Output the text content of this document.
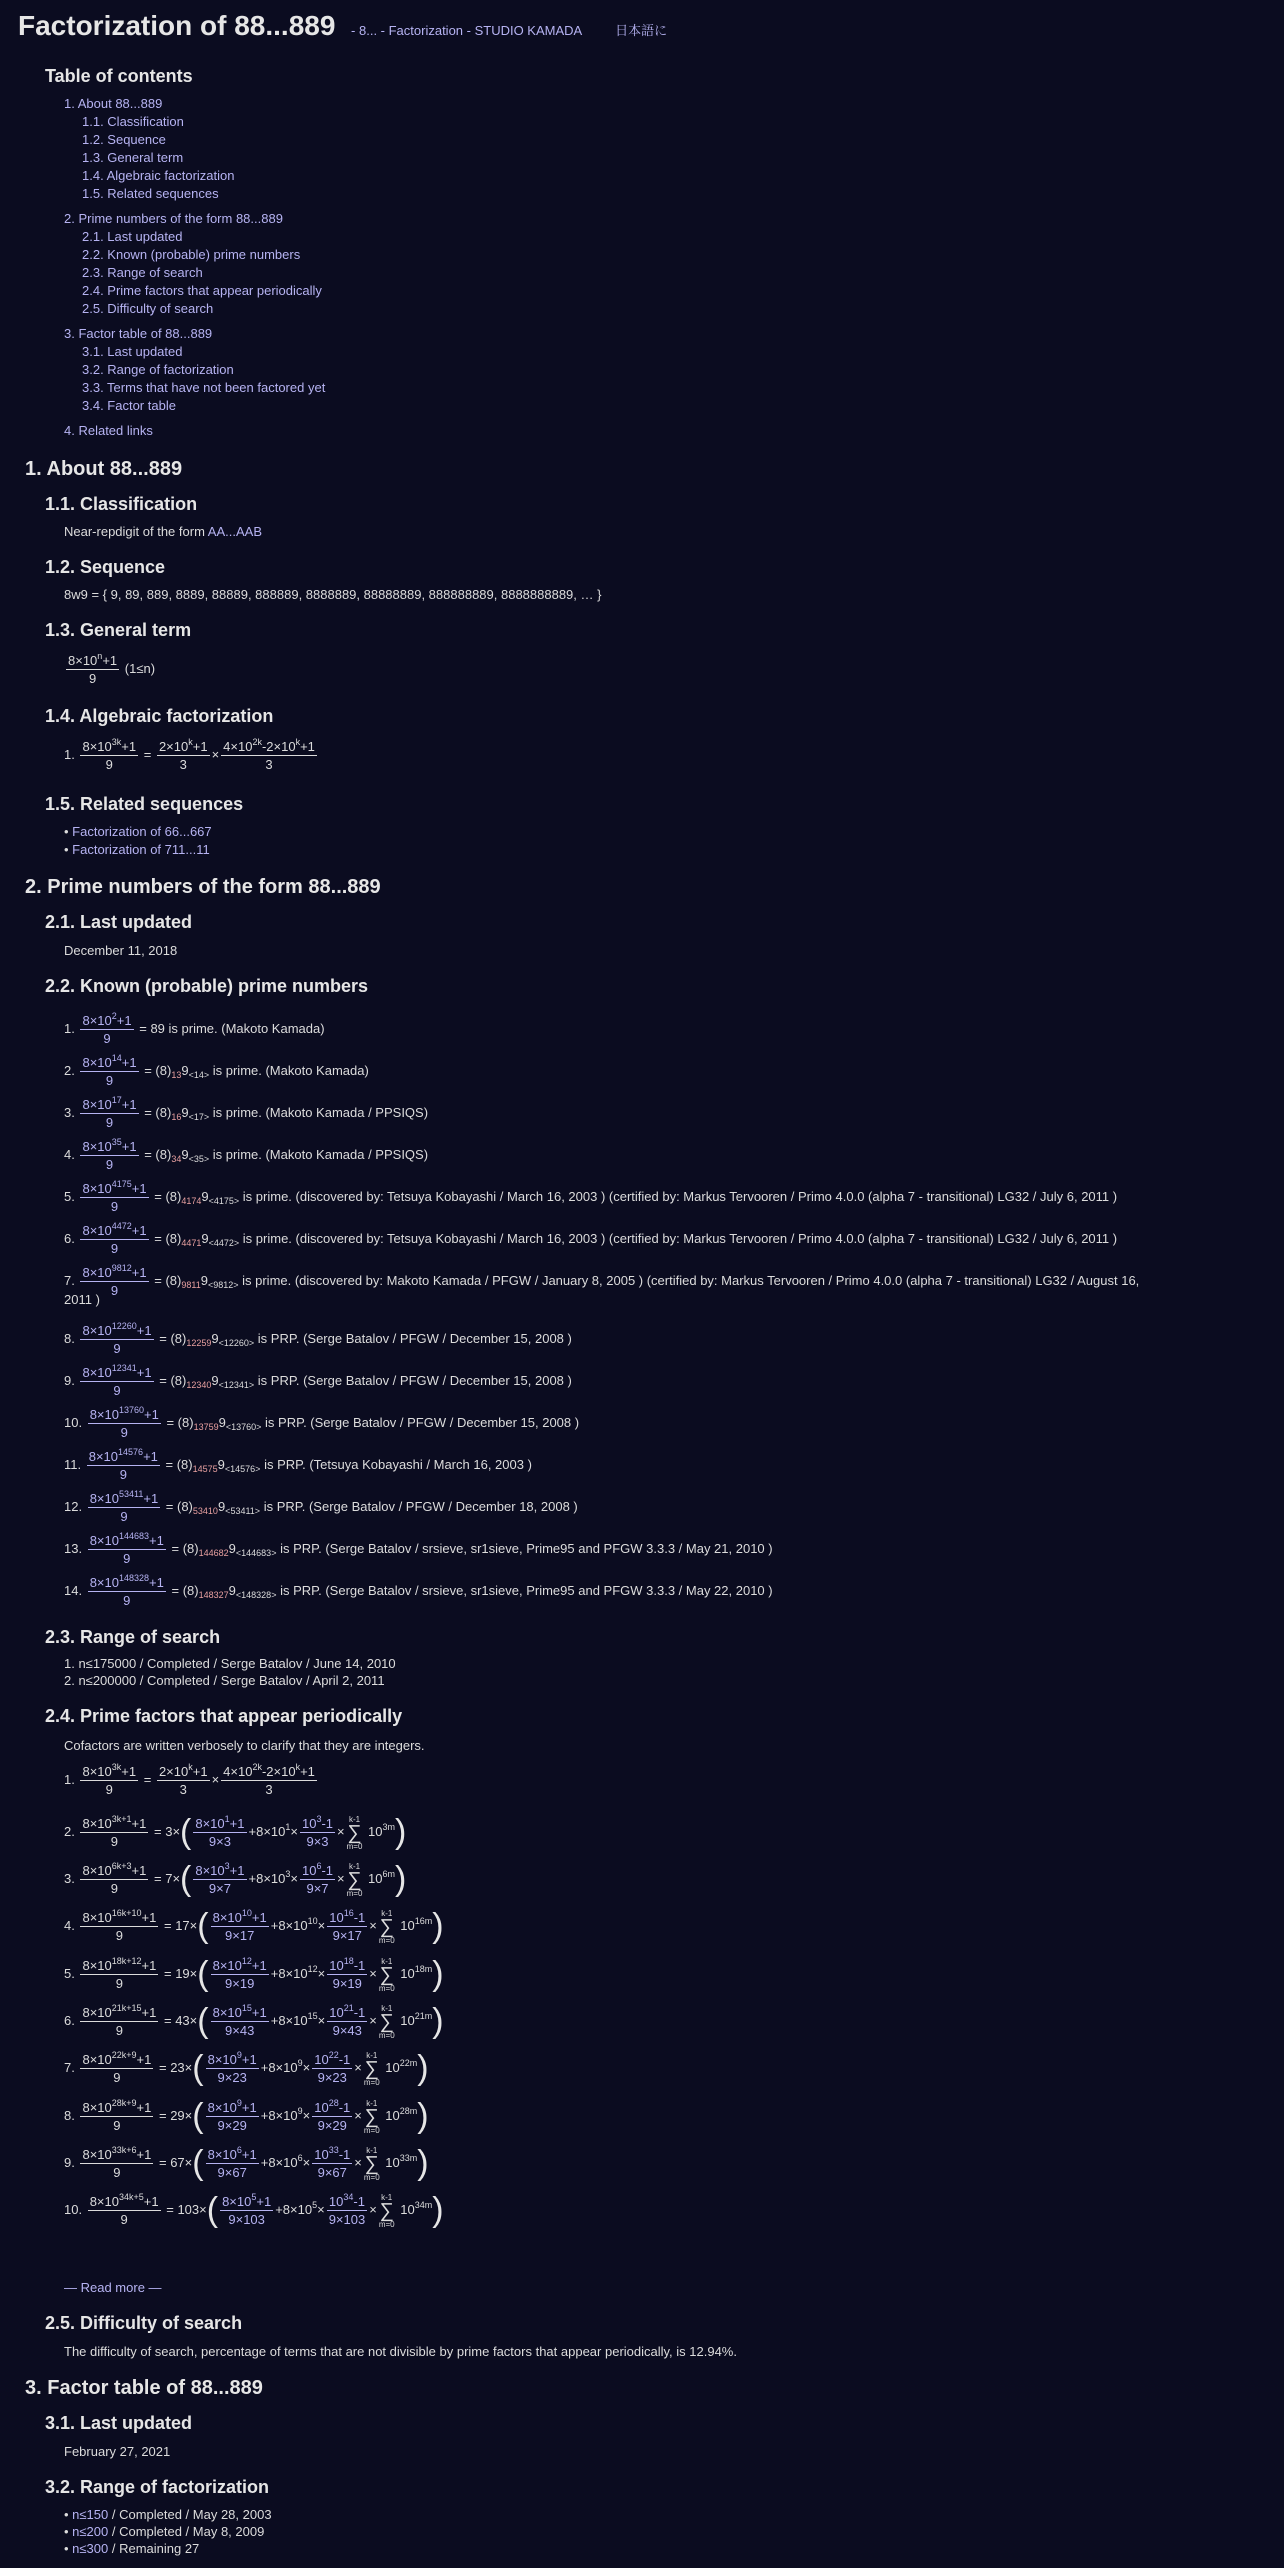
Factorization of 88...889 - 8... - Factorization - STUDIO KAMADA	日本語に
Table of contents
1. About 88...889
1.1. Classification
1.2. Sequence
1.3. General term
1.4. Algebraic factorization
1.5. Related sequences
2. Prime numbers of the form 88...889
2.1. Last updated
2.2. Known (probable) prime numbers
2.3. Range of search
2.4. Prime factors that appear periodically
2.5. Difficulty of search
3. Factor table of 88...889
3.1. Last updated
3.2. Range of factorization
3.3. Terms that have not been factored yet
3.4. Factor table
4. Related links
1. About 88...889
1.1. Classification
Near-repdigit of the form AA...AAB
1.2. Sequence
8w9 = { 9, 89, 889, 8889, 88889, 888889, 8888889, 88888889, 888888889, 8888888889, … }
1.3. General term
$\frac{8\times 10^n+1}{9} (1\le n)$
1.4. Algebraic factorization
1. $\frac{8\times 10^{3k}+1}{9} = \frac{2\times 10^k+1}{3} \times \frac{4\times 10^{2k}-2\times 10^k+1}{3}$
1.5. Related sequences
• Factorization of 66...667
• Factorization of 711...11
2. Prime numbers of the form 88...889
2.1. Last updated
December 11, 2018
2.2. Known (probable) prime numbers
1. $\frac{8\times 10^2+1}{9} = 89$ is prime. (Makoto Kamada)
2. $\frac{8\times 10^{14}+1}{9} = (8)_{13}9_{<14>}$ is prime. (Makoto Kamada)
3. $\frac{8\times 10^{17}+1}{9} = (8)_{16}9_{<17>}$ is prime. (Makoto Kamada / PPSIQS)
4. $\frac{8\times 10^{35}+1}{9} = (8)_{34}9_{<35>}$ is prime. (Makoto Kamada / PPSIQS)
5. $\frac{8\times 10^{4175}+1}{9} = (8)_{4174}9_{<4175>}$ is prime. (discovered by: Tetsuya Kobayashi / March 16, 2003 ) (certified by: Markus Tervooren / Primo 4.0.0 (alpha 7 - transitional) LG32 / July 6, 2011 )
6. $\frac{8\times 10^{4472}+1}{9} = (8)_{4471}9_{<4472>}$ is prime. (discovered by: Tetsuya Kobayashi / March 16, 2003 ) (certified by: Markus Tervooren / Primo 4.0.0 (alpha 7 - transitional) LG32 / July 6, 2011 )
7. $\frac{8\times 10^{9812}+1}{9} = (8)_{9811}9_{<9812>}$ is prime. (discovered by: Makoto Kamada / PFGW / January 8, 2005 ) (certified by: Markus Tervooren / Primo 4.0.0 (alpha 7 - transitional) LG32 / August 16,
2011 )
8. $\frac{8\times 10^{12260}+1}{9} = (8)_{12259}9_{<12260>}$ is PRP. (Serge Batalov / PFGW / December 15, 2008 )
9. $\frac{8\times 10^{12341}+1}{9} = (8)_{12340}9_{<12341>}$ is PRP. (Serge Batalov / PFGW / December 15, 2008 )
10. $\frac{8\times 10^{13760}+1}{9} = (8)_{13759}9_{<13760>}$ is PRP. (Serge Batalov / PFGW / December 15, 2008 )
11. $\frac{8\times 10^{14576}+1}{9} = (8)_{14575}9_{<14576>}$ is PRP. (Tetsuya Kobayashi / March 16, 2003 )
12. $\frac{8\times 10^{53411}+1}{9} = (8)_{53410}9_{<53411>}$ is PRP. (Serge Batalov / PFGW / December 18, 2008 )
13. $\frac{8\times 10^{144683}+1}{9} = (8)_{144682}9_{<144683>}$ is PRP. (Serge Batalov / srsieve, sr1sieve, Prime95 and PFGW 3.3.3 / May 21, 2010 )
14. $\frac{8\times 10^{148328}+1}{9} = (8)_{148327}9_{<148328>}$ is PRP. (Serge Batalov / srsieve, sr1sieve, Prime95 and PFGW 3.3.3 / May 22, 2010 )
2.3. Range of search
1. n≤175000 / Completed / Serge Batalov / June 14, 2010
2. n≤200000 / Completed / Serge Batalov / April 2, 2011
2.4. Prime factors that appear periodically
Cofactors are written verbosely to clarify that they are integers.
1. $\frac{8\times 10^{3k}+1}{9} = \frac{2\times 10^k+1}{3} \times \frac{4\times 10^{2k}-2\times 10^k+1}{3}$
2. $\frac{8\times 10^{3k+1}+1}{9} = 3\times( \frac{8\times 10^1+1}{9\times 3} +8\times 10^1\times \frac{10^3-1}{9\times 3} \times k-1$
∑
m=0 $10^{3m}$)
3. $\frac{8\times 10^{6k+3}+1}{9} = 7\times( \frac{8\times 10^3+1}{9\times 7} +8\times 10^3\times \frac{10^6-1}{9\times 7} \times k-1$
∑
m=0 $10^{6m}$)
4. $\frac{8\times 10^{16k+10}+1}{9} = 17\times( \frac{8\times 10^{10}+1}{9\times 17} +8\times 10^{10}\times \frac{10^{16}-1}{9\times 17} \times k-1$
∑
m=0 $10^{16m}$)
5. $\frac{8\times 10^{18k+12}+1}{9} = 19\times( \frac{8\times 10^{12}+1}{9\times 19} +8\times 10^{12}\times \frac{10^{18}-1}{9\times 19} \times k-1$
∑
m=0 $10^{18m}$)
6. $\frac{8\times 10^{21k+15}+1}{9} = 43\times( \frac{8\times 10^{15}+1}{9\times 43} +8\times 10^{15}\times \frac{10^{21}-1}{9\times 43} \times k-1$
∑
m=0 $10^{21m}$)
7. $\frac{8\times 10^{22k+9}+1}{9} = 23\times( \frac{8\times 10^9+1}{9\times 23} +8\times 10^9\times \frac{10^{22}-1}{9\times 23} \times k-1$
∑
m=0 $10^{22m}$)
8. $\frac{8\times 10^{28k+9}+1}{9} = 29\times( \frac{8\times 10^9+1}{9\times 29} +8\times 10^9\times \frac{10^{28}-1}{9\times 29} \times k-1$
∑
m=0 $10^{28m}$)
9. $\frac{8\times 10^{33k+6}+1}{9} = 67\times( \frac{8\times 10^6+1}{9\times 67} +8\times 10^6\times \frac{10^{33}-1}{9\times 67} \times k-1$
∑
m=0 $10^{33m}$)
10. $\frac{8\times 10^{34k+5}+1}{9} = 103\times( \frac{8\times 10^5+1}{9\times 103} +8\times 10^5\times \frac{10^{34}-1}{9\times 103} \times k-1$
∑
m=0 $10^{34m}$)
— Read more —
2.5. Difficulty of search
The difficulty of search, percentage of terms that are not divisible by prime factors that appear periodically, is 12.94%.
3. Factor table of 88...889
3.1. Last updated
February 27, 2021
3.2. Range of factorization
• n≤150 / Completed / May 28, 2003
• n≤200 / Completed / May 8, 2009
• n≤300 / Remaining 27
